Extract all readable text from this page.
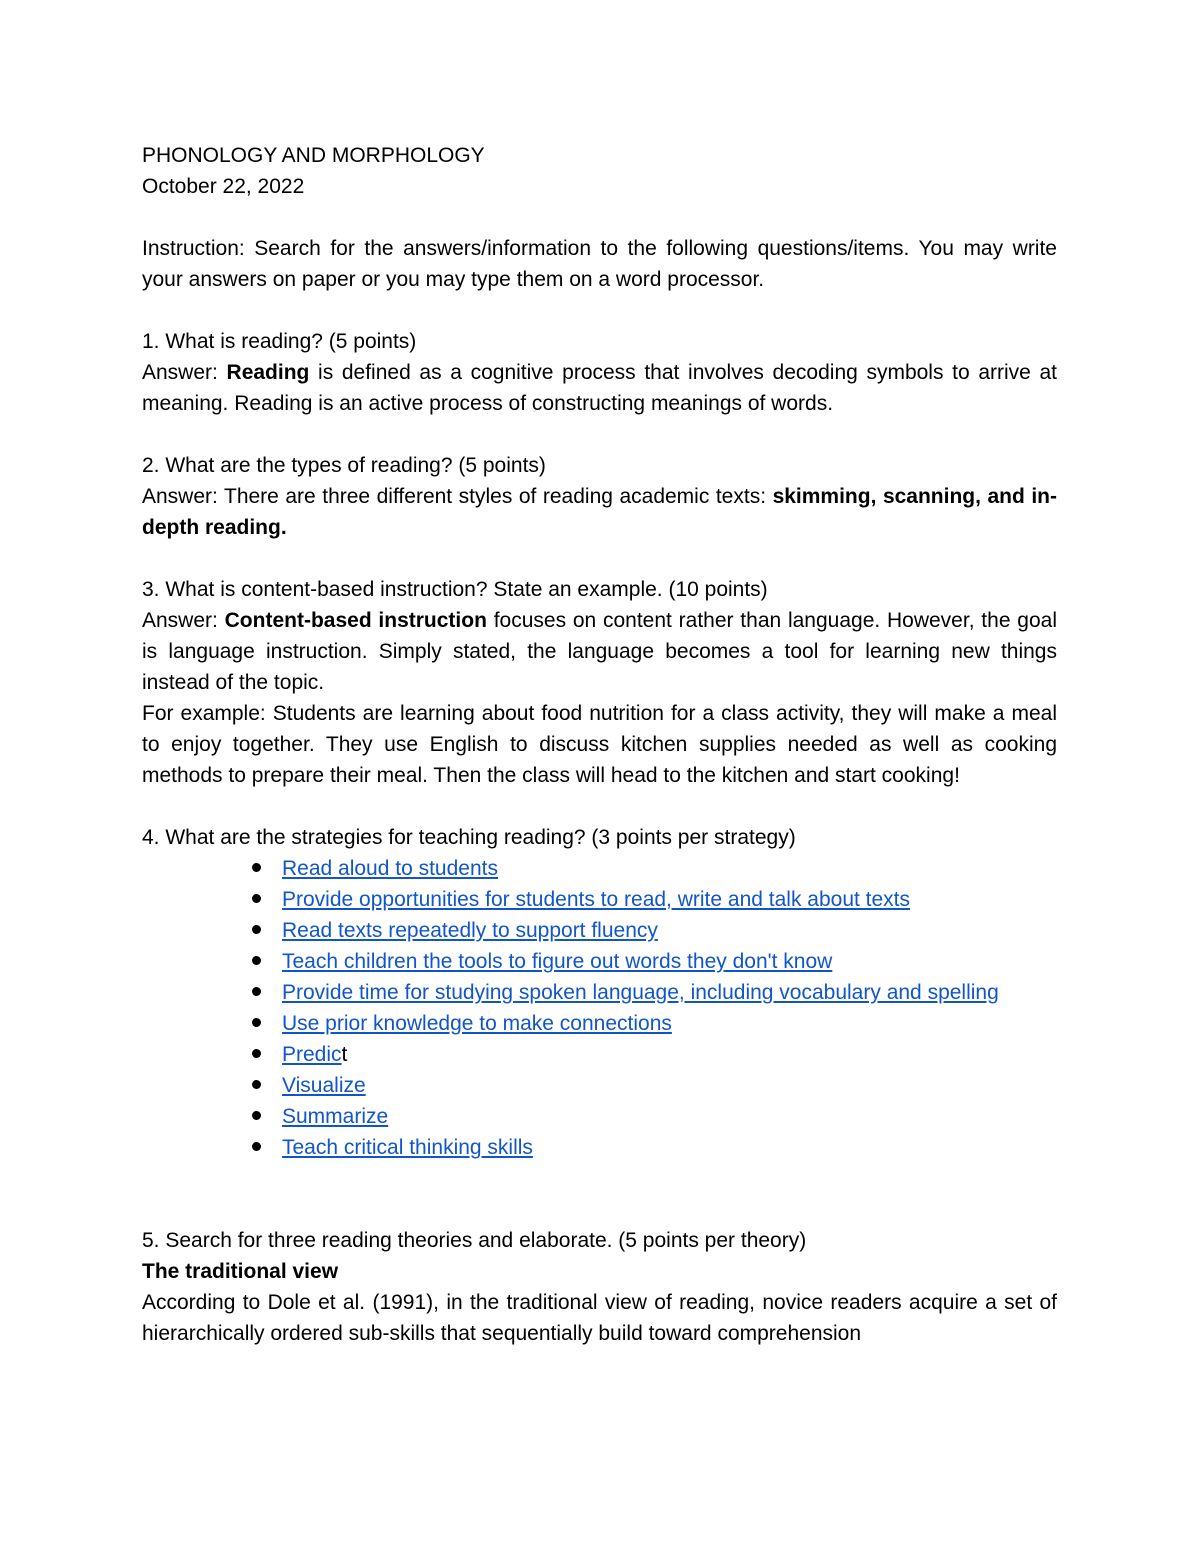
PHONOLOGY AND MORPHOLOGY

October 22, 2022

Instruction: Search for the answers/information to the following questions/items. You may write your answers on paper or you may type them on a word processor.

1. What is reading? (5 points)

Answer: Reading is defined as a cognitive process that involves decoding symbols to arrive at meaning. Reading is an active process of constructing meanings of words.

2. What are the types of reading? (5 points)

Answer: There are three different styles of reading academic texts: skimming, scanning, and in-depth reading.

3. What is content-based instruction? State an example. (10 points)

Answer: Content-based instruction focuses on content rather than language. However, the goal is language instruction. Simply stated, the language becomes a tool for learning new things instead of the topic.

For example: Students are learning about food nutrition for a class activity, they will make a meal to enjoy together. They use English to discuss kitchen supplies needed as well as cooking methods to prepare their meal. Then the class will head to the kitchen and start cooking!

4. What are the strategies for teaching reading? (3 points per strategy)

Read aloud to students
Provide opportunities for students to read, write and talk about texts
Read texts repeatedly to support fluency
Teach children the tools to figure out words they don't know
Provide time for studying spoken language, including vocabulary and spelling
Use prior knowledge to make connections
Predict
Visualize
Summarize
Teach critical thinking skills

5. Search for three reading theories and elaborate. (5 points per theory)

The traditional view

According to Dole et al. (1991), in the traditional view of reading, novice readers acquire a set of hierarchically ordered sub-skills that sequentially build toward comprehension
